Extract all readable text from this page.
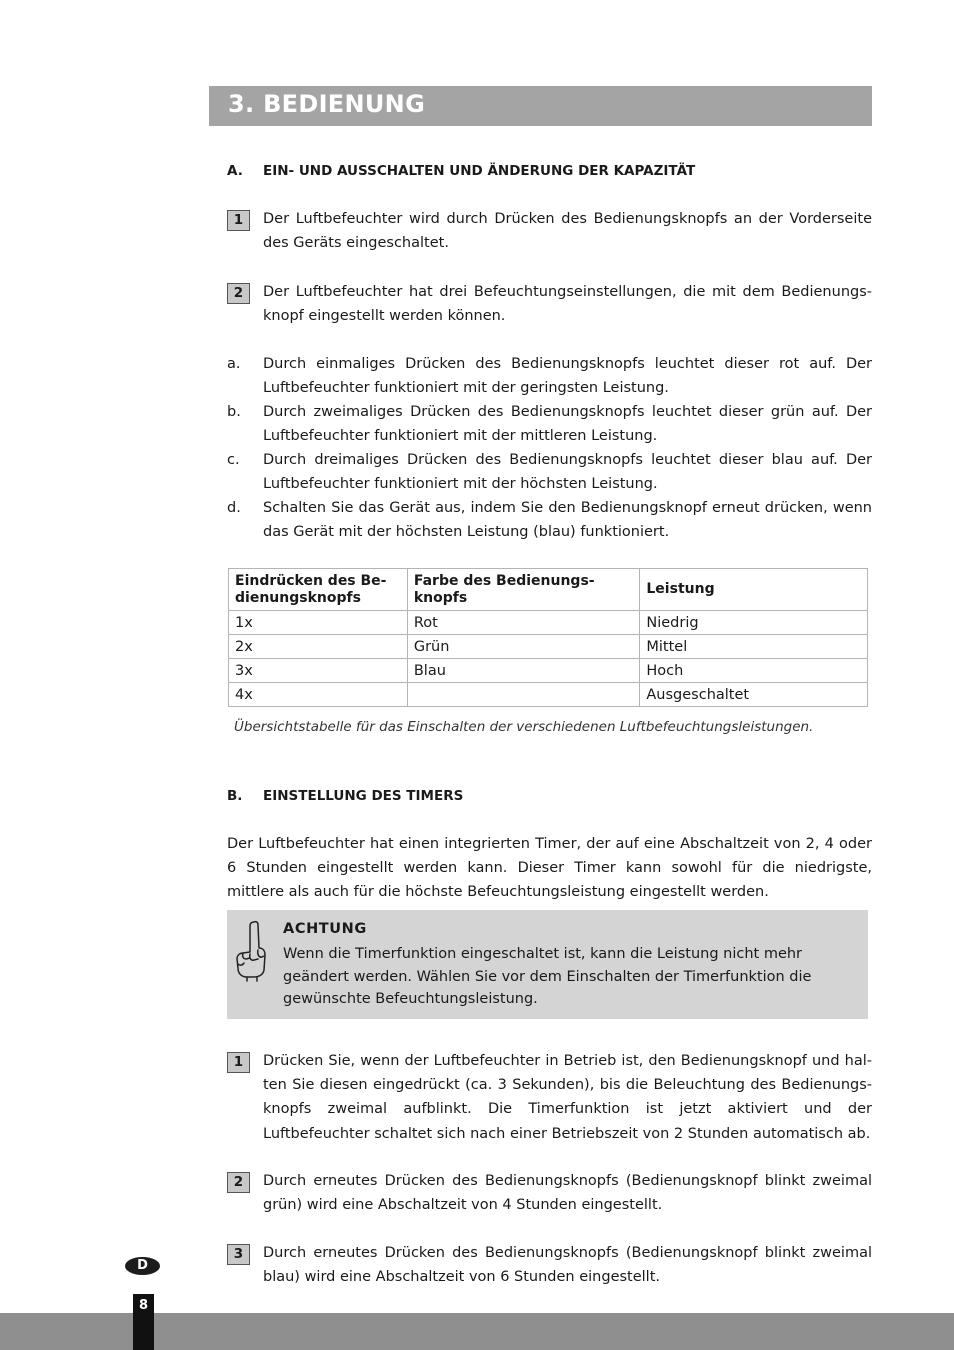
3. BEDIENUNG
A. EIN- UND AUSSCHALTEN UND ÄNDERUNG DER KAPAZITÄT
1	Der Luftbefeuchter wird durch Drücken des Bedienungsknopfs an der Vorderseite des Geräts eingeschaltet.
2	Der Luftbefeuchter hat drei Befeuchtungseinstellungen, die mit dem Bedienungs-knopf eingestellt werden können.
a. Durch einmaliges Drücken des Bedienungsknopfs leuchtet dieser rot auf. Der Luftbefeuchter funktioniert mit der geringsten Leistung.
b. Durch zweimaliges Drücken des Bedienungsknopfs leuchtet dieser grün auf. Der Luftbefeuchter funktioniert mit der mittleren Leistung.
c. Durch dreimaliges Drücken des Bedienungsknopfs leuchtet dieser blau auf. Der Luftbefeuchter funktioniert mit der höchsten Leistung.
d. Schalten Sie das Gerät aus, indem Sie den Bedienungsknopf erneut drücken, wenn das Gerät mit der höchsten Leistung (blau) funktioniert.
Eindrücken des Be-dienungsknopfs	Farbe des Bedienungs-knopfs	Leistung
1x	Rot	Niedrig
2x	Grün	Mittel
3x	Blau	Hoch
4x		Ausgeschaltet
Übersichtstabelle für das Einschalten der verschiedenen Luftbefeuchtungsleistungen.
B. EINSTELLUNG DES TIMERS
Der Luftbefeuchter hat einen integrierten Timer, der auf eine Abschaltzeit von 2, 4 oder 6 Stunden eingestellt werden kann. Dieser Timer kann sowohl für die niedrigste, mittlere als auch für die höchste Befeuchtungsleistung eingestellt werden.
ACHTUNG
Wenn die Timerfunktion eingeschaltet ist, kann die Leistung nicht mehr geändert werden. Wählen Sie vor dem Einschalten der Timerfunktion die gewünschte Befeuchtungsleistung.
1	Drücken Sie, wenn der Luftbefeuchter in Betrieb ist, den Bedienungsknopf und hal-ten Sie diesen eingedrückt (ca. 3 Sekunden), bis die Beleuchtung des Bedienungs-knopfs zweimal aufblinkt. Die Timerfunktion ist jetzt aktiviert und der Luftbefeuchter schaltet sich nach einer Betriebszeit von 2 Stunden automatisch ab.
2	Durch erneutes Drücken des Bedienungsknopfs (Bedienungsknopf blinkt zweimal grün) wird eine Abschaltzeit von 4 Stunden eingestellt.
3	Durch erneutes Drücken des Bedienungsknopfs (Bedienungsknopf blinkt zweimal blau) wird eine Abschaltzeit von 6 Stunden eingestellt.
D
8
